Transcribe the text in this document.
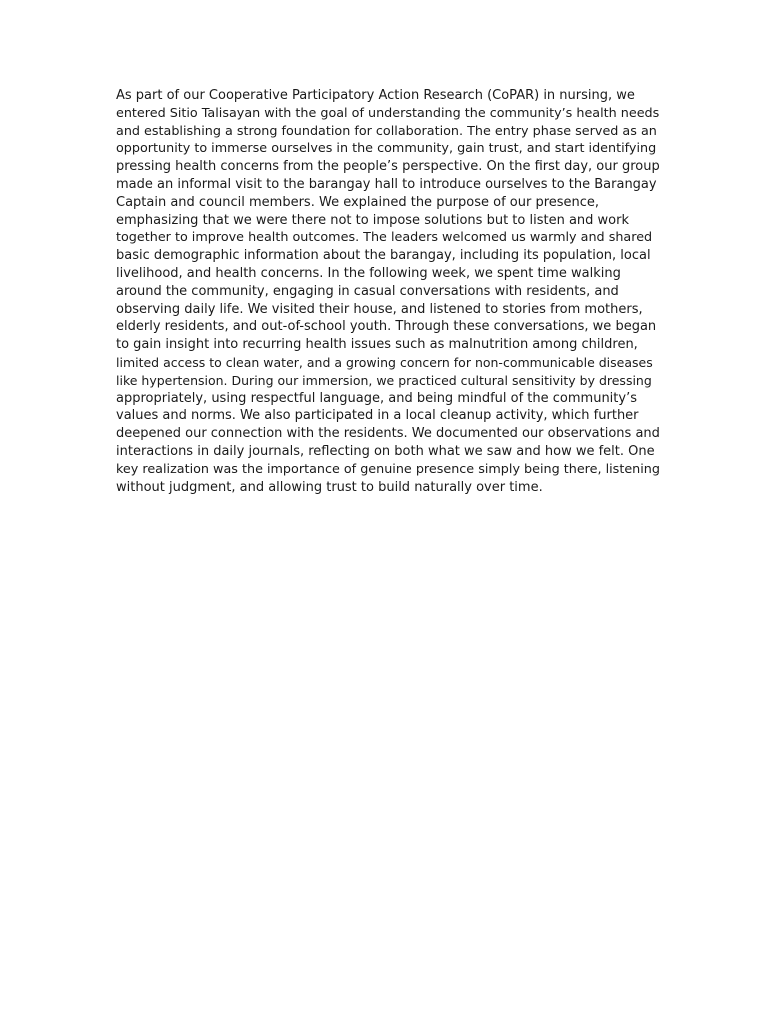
As part of our Cooperative Participatory Action Research (CoPAR) in nursing, we
entered Sitio Talisayan with the goal of understanding the community’s health needs
and establishing a strong foundation for collaboration. The entry phase served as an
opportunity to immerse ourselves in the community, gain trust, and start identifying
pressing health concerns from the people’s perspective. On the first day, our group
made an informal visit to the barangay hall to introduce ourselves to the Barangay
Captain and council members. We explained the purpose of our presence,
emphasizing that we were there not to impose solutions but to listen and work
together to improve health outcomes. The leaders welcomed us warmly and shared
basic demographic information about the barangay, including its population, local
livelihood, and health concerns. In the following week, we spent time walking
around the community, engaging in casual conversations with residents, and
observing daily life. We visited their house, and listened to stories from mothers,
elderly residents, and out-of-school youth. Through these conversations, we began
to gain insight into recurring health issues such as malnutrition among children,
limited access to clean water, and a growing concern for non-communicable diseases
like hypertension. During our immersion, we practiced cultural sensitivity by dressing
appropriately, using respectful language, and being mindful of the community’s
values and norms. We also participated in a local cleanup activity, which further
deepened our connection with the residents. We documented our observations and
interactions in daily journals, reflecting on both what we saw and how we felt. One
key realization was the importance of genuine presence simply being there, listening
without judgment, and allowing trust to build naturally over time.
